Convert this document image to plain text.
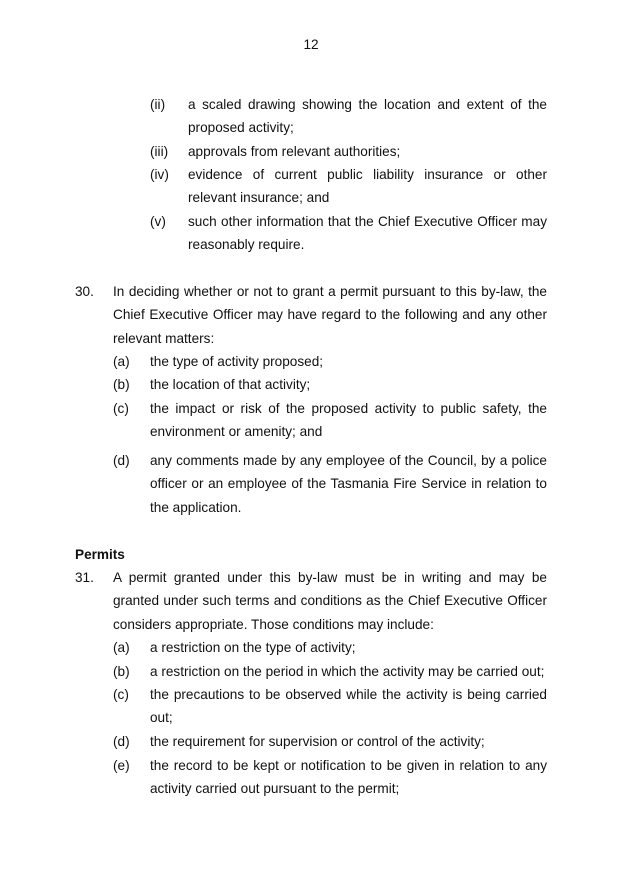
12
(ii) a scaled drawing showing the location and extent of the proposed activity;
(iii) approvals from relevant authorities;
(iv) evidence of current public liability insurance or other relevant insurance; and
(v) such other information that the Chief Executive Officer may reasonably require.
30. In deciding whether or not to grant a permit pursuant to this by-law, the Chief Executive Officer may have regard to the following and any other relevant matters:
(a) the type of activity proposed;
(b) the location of that activity;
(c) the impact or risk of the proposed activity to public safety, the environment or amenity; and
(d) any comments made by any employee of the Council, by a police officer or an employee of the Tasmania Fire Service in relation to the application.
Permits
31. A permit granted under this by-law must be in writing and may be granted under such terms and conditions as the Chief Executive Officer considers appropriate. Those conditions may include:
(a) a restriction on the type of activity;
(b) a restriction on the period in which the activity may be carried out;
(c) the precautions to be observed while the activity is being carried out;
(d) the requirement for supervision or control of the activity;
(e) the record to be kept or notification to be given in relation to any activity carried out pursuant to the permit;
